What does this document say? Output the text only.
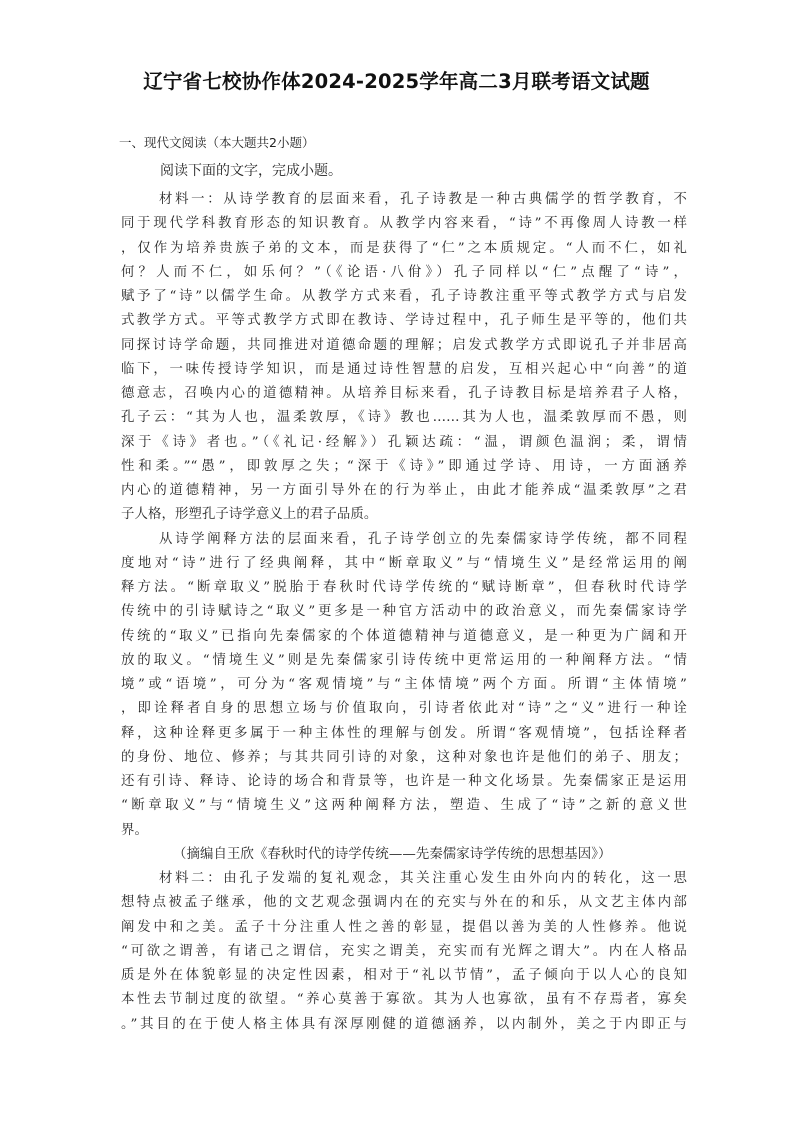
辽宁省七校协作体2024-2025学年高二3月联考语文试题
一、现代文阅读（本大题共2小题）
阅读下面的文字，完成小题。
材料一：从诗学教育的层面来看，孔子诗教是一种古典儒学的哲学教育，不
同于现代学科教育形态的知识教育。从教学内容来看，“诗”不再像周人诗教一样
，仅作为培养贵族子弟的文本，而是获得了“仁”之本质规定。“人而不仁，如礼
何？人而不仁，如乐何？”（《论语·八佾》）孔子同样以“仁”点醒了“诗”，
赋予了“诗”以儒学生命。从教学方式来看，孔子诗教注重平等式教学方式与启发
式教学方式。平等式教学方式即在教诗、学诗过程中，孔子师生是平等的，他们共
同探讨诗学命题，共同推进对道德命题的理解；启发式教学方式即说孔子并非居高
临下，一味传授诗学知识，而是通过诗性智慧的启发，互相兴起心中“向善”的道
德意志，召唤内心的道德精神。从培养目标来看，孔子诗教目标是培养君子人格，
孔子云：“其为人也，温柔敦厚，《诗》教也……其为人也，温柔敦厚而不愚，则
深于《诗》者也。”（《礼记·经解》）孔颖达疏：“温，谓颜色温润；柔，谓情
性和柔。”“愚”，即敦厚之失；“深于《诗》”即通过学诗、用诗，一方面涵养
内心的道德精神，另一方面引导外在的行为举止，由此才能养成“温柔敦厚”之君
子人格，形塑孔子诗学意义上的君子品质。
从诗学阐释方法的层面来看，孔子诗学创立的先秦儒家诗学传统，都不同程
度地对“诗”进行了经典阐释，其中“断章取义”与“情境生义”是经常运用的阐
释方法。“断章取义”脱胎于春秋时代诗学传统的“赋诗断章”，但春秋时代诗学
传统中的引诗赋诗之“取义”更多是一种官方活动中的政治意义，而先秦儒家诗学
传统的“取义”已指向先秦儒家的个体道德精神与道德意义，是一种更为广阔和开
放的取义。“情境生义”则是先秦儒家引诗传统中更常运用的一种阐释方法。“情
境”或“语境”，可分为“客观情境”与“主体情境”两个方面。所谓“主体情境”
，即诠释者自身的思想立场与价值取向，引诗者依此对“诗”之“义”进行一种诠
释，这种诠释更多属于一种主体性的理解与创发。所谓“客观情境”，包括诠释者
的身份、地位、修养；与其共同引诗的对象，这种对象也许是他们的弟子、朋友；
还有引诗、释诗、论诗的场合和背景等，也许是一种文化场景。先秦儒家正是运用
“断章取义”与“情境生义”这两种阐释方法，塑造、生成了“诗”之新的意义世
界。
（摘编自王欣《春秋时代的诗学传统——先秦儒家诗学传统的思想基因》）
材料二：由孔子发端的复礼观念，其关注重心发生由外向内的转化，这一思
想特点被孟子继承，他的文艺观念强调内在的充实与外在的和乐，从文艺主体内部
阐发中和之美。孟子十分注重人性之善的彰显，提倡以善为美的人性修养。他说
“可欲之谓善，有诸己之谓信，充实之谓美，充实而有光辉之谓大”。内在人格品
质是外在体貌彰显的决定性因素，相对于“礼以节情”，孟子倾向于以人心的良知
本性去节制过度的欲望。“养心莫善于寡欲。其为人也寡欲，虽有不存焉者，寡矣
。”其目的在于使人格主体具有深厚刚健的道德涵养，以内制外，美之于内即正与
